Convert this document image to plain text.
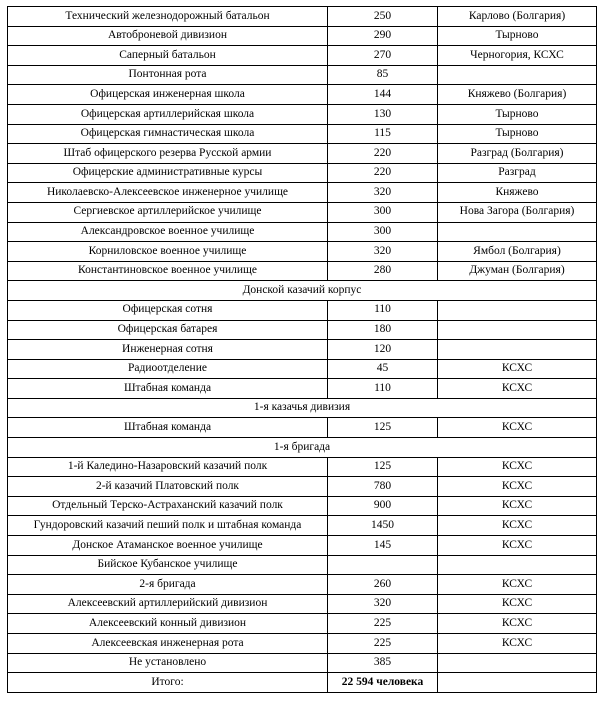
Технический железнодорожный батальон	250	Карлово (Болгария)
Автоброневой дивизион	290	Тырново
Саперный батальон	270	Черногория, КСХС
Понтонная рота	85	
Офицерская инженерная школа	144	Княжево (Болгария)
Офицерская артиллерийская школа	130	Тырново
Офицерская гимнастическая школа	115	Тырново
Штаб офицерского резерва Русской армии	220	Разград (Болгария)
Офицерские административные курсы	220	Разград
Николаевско-Алексеевское инженерное училище	320	Княжево
Сергиевское артиллерийское училище	300	Нова Загора (Болгария)
Александровское военное училище	300	
Корниловское военное училище	320	Ямбол (Болгария)
Константиновское военное училище	280	Джуман (Болгария)
Донской казачий корпус		
Офицерская сотня	110	
Офицерская батарея	180	
Инженерная сотня	120	
Радиоотделение	45	КСХС
Штабная команда	110	КСХС
1-я казачья дивизия		
Штабная команда	125	КСХС
1-я бригада		
1-й Каледино-Назаровский казачий полк	125	КСХС
2-й казачий Платовский полк	780	КСХС
Отдельный Терско-Астраханский казачий полк	900	КСХС
Гундоровский казачий пеший полк и штабная команда	1450	КСХС
Донское Атаманское военное училище	145	КСХС
Бийское Кубанское училище		
2-я бригада	260	КСХС
Алексеевский артиллерийский дивизион	320	КСХС
Алексеевский конный дивизион	225	КСХС
Алексеевская инженерная рота	225	КСХС
Не установлено	385	
Итого:	22 594 человека	
